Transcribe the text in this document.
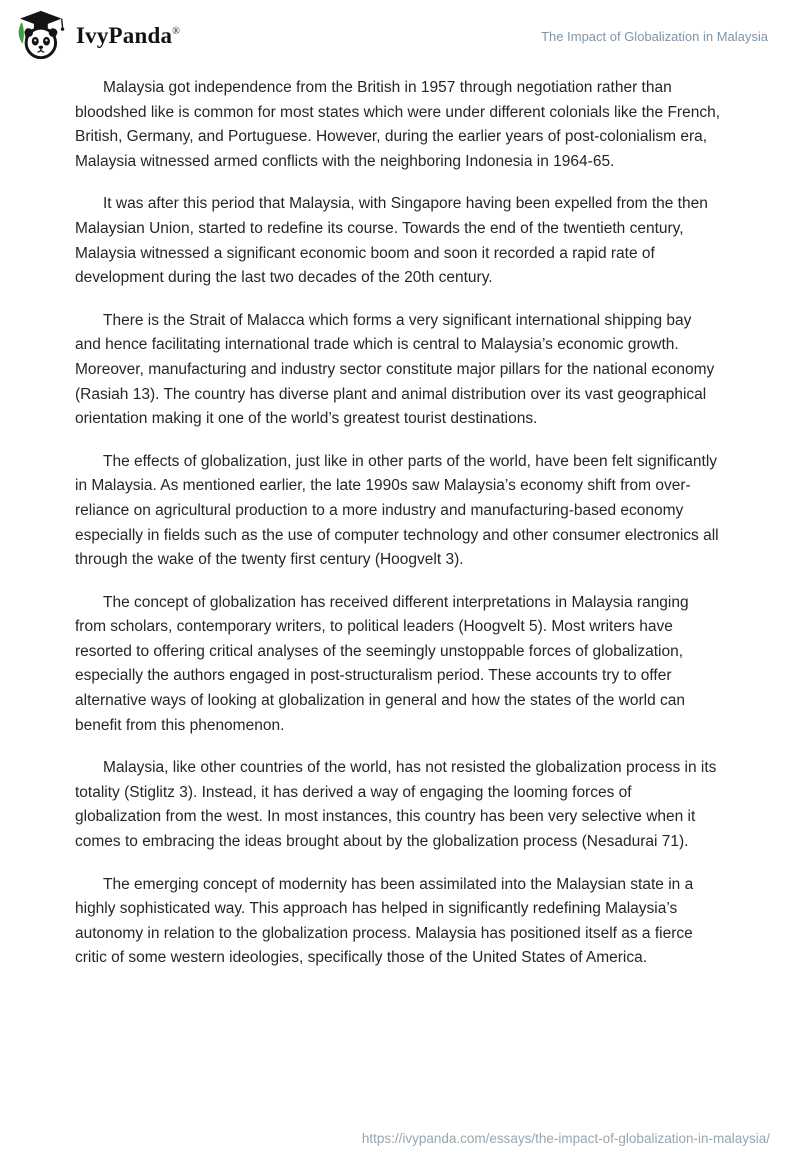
IvyPanda®	The Impact of Globalization in Malaysia

Malaysia got independence from the British in 1957 through negotiation rather than bloodshed like is common for most states which were under different colonials like the French, British, Germany, and Portuguese. However, during the earlier years of post-colonialism era, Malaysia witnessed armed conflicts with the neighboring Indonesia in 1964-65.

It was after this period that Malaysia, with Singapore having been expelled from the then Malaysian Union, started to redefine its course. Towards the end of the twentieth century, Malaysia witnessed a significant economic boom and soon it recorded a rapid rate of development during the last two decades of the 20th century.

There is the Strait of Malacca which forms a very significant international shipping bay and hence facilitating international trade which is central to Malaysia’s economic growth. Moreover, manufacturing and industry sector constitute major pillars for the national economy (Rasiah 13). The country has diverse plant and animal distribution over its vast geographical orientation making it one of the world’s greatest tourist destinations.

The effects of globalization, just like in other parts of the world, have been felt significantly in Malaysia. As mentioned earlier, the late 1990s saw Malaysia’s economy shift from over-reliance on agricultural production to a more industry and manufacturing-based economy especially in fields such as the use of computer technology and other consumer electronics all through the wake of the twenty first century (Hoogvelt 3).

The concept of globalization has received different interpretations in Malaysia ranging from scholars, contemporary writers, to political leaders (Hoogvelt 5). Most writers have resorted to offering critical analyses of the seemingly unstoppable forces of globalization, especially the authors engaged in post-structuralism period. These accounts try to offer alternative ways of looking at globalization in general and how the states of the world can benefit from this phenomenon.

Malaysia, like other countries of the world, has not resisted the globalization process in its totality (Stiglitz 3). Instead, it has derived a way of engaging the looming forces of globalization from the west. In most instances, this country has been very selective when it comes to embracing the ideas brought about by the globalization process (Nesadurai 71).

The emerging concept of modernity has been assimilated into the Malaysian state in a highly sophisticated way. This approach has helped in significantly redefining Malaysia’s autonomy in relation to the globalization process. Malaysia has positioned itself as a fierce critic of some western ideologies, specifically those of the United States of America.

https://ivypanda.com/essays/the-impact-of-globalization-in-malaysia/
